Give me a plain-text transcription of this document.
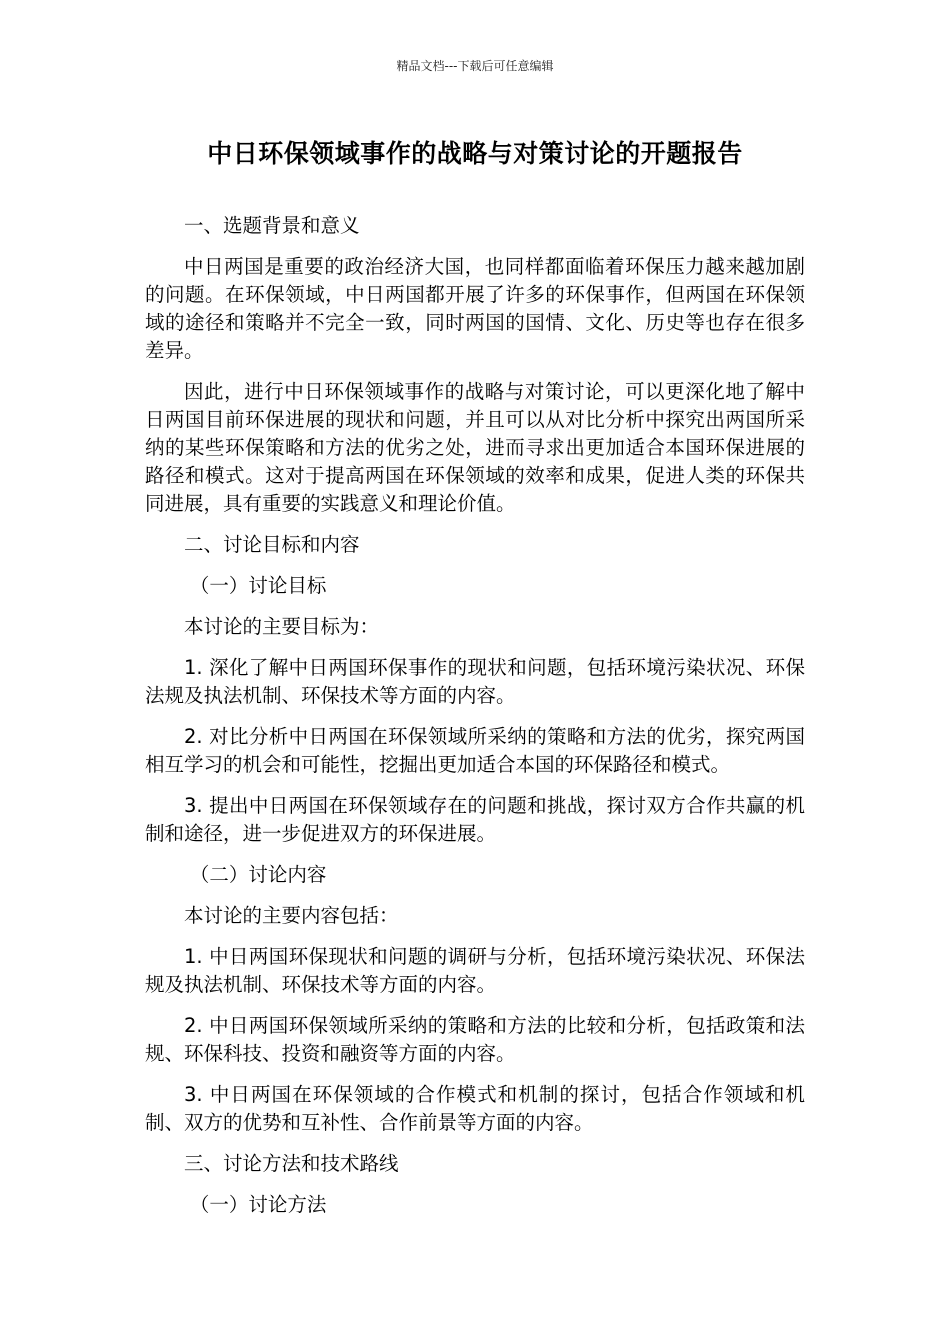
精品文档---下载后可任意编辑
中日环保领域事作的战略与对策讨论的开题报告

一、选题背景和意义

中日两国是重要的政治经济大国，也同样都面临着环保压力越来越加剧的问题。在环保领域，中日两国都开展了许多的环保事作，但两国在环保领域的途径和策略并不完全一致，同时两国的国情、文化、历史等也存在很多差异。

因此，进行中日环保领域事作的战略与对策讨论，可以更深化地了解中日两国目前环保进展的现状和问题，并且可以从对比分析中探究出两国所采纳的某些环保策略和方法的优劣之处，进而寻求出更加适合本国环保进展的路径和模式。这对于提高两国在环保领域的效率和成果，促进人类的环保共同进展，具有重要的实践意义和理论价值。

二、讨论目标和内容

（一）讨论目标

本讨论的主要目标为：

1. 深化了解中日两国环保事作的现状和问题，包括环境污染状况、环保法规及执法机制、环保技术等方面的内容。

2. 对比分析中日两国在环保领域所采纳的策略和方法的优劣，探究两国相互学习的机会和可能性，挖掘出更加适合本国的环保路径和模式。

3. 提出中日两国在环保领域存在的问题和挑战，探讨双方合作共赢的机制和途径，进一步促进双方的环保进展。

（二）讨论内容

本讨论的主要内容包括：

1. 中日两国环保现状和问题的调研与分析，包括环境污染状况、环保法规及执法机制、环保技术等方面的内容。

2. 中日两国环保领域所采纳的策略和方法的比较和分析，包括政策和法规、环保科技、投资和融资等方面的内容。

3. 中日两国在环保领域的合作模式和机制的探讨，包括合作领域和机制、双方的优势和互补性、合作前景等方面的内容。

三、讨论方法和技术路线

（一）讨论方法
